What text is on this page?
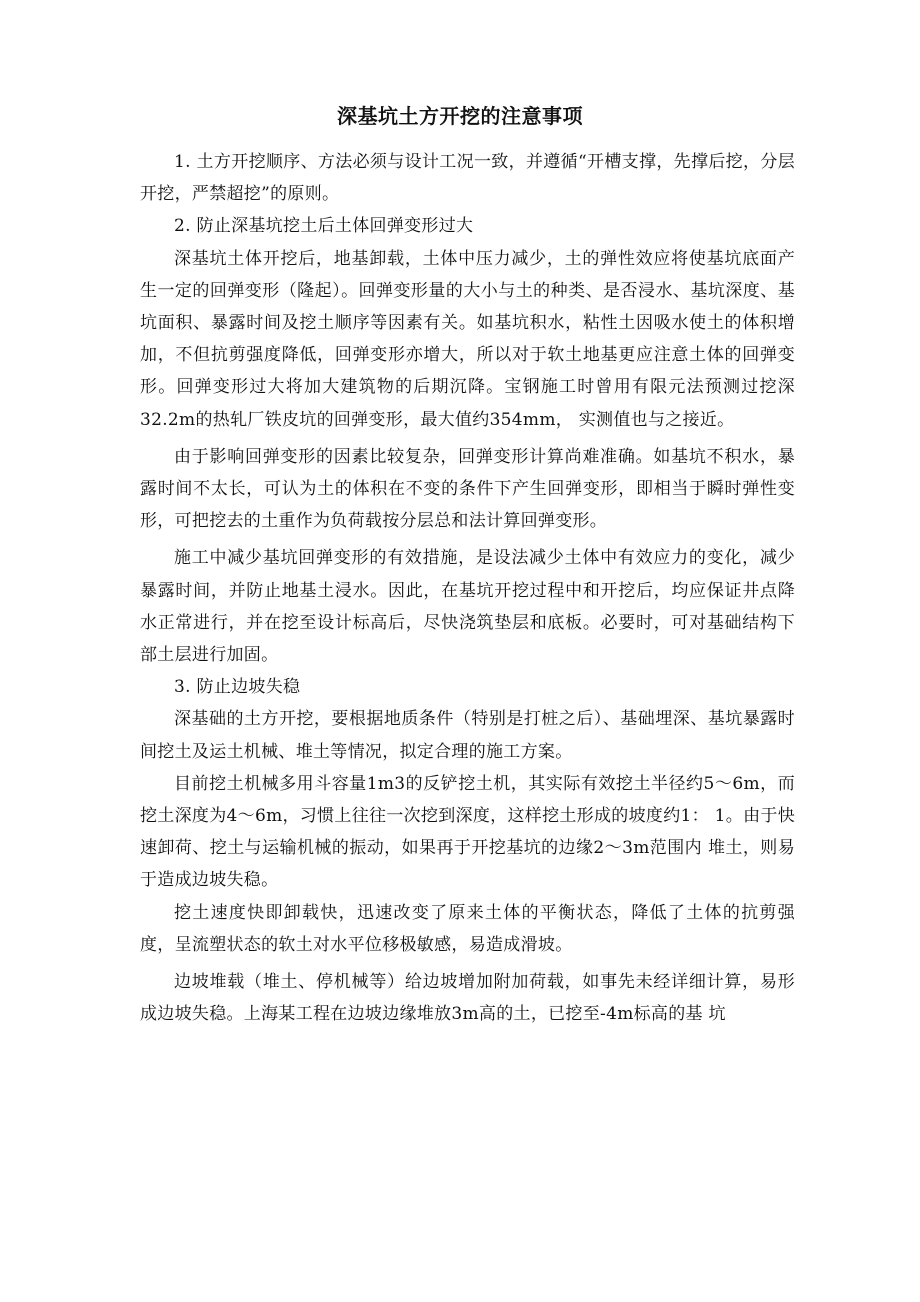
深基坑土方开挖的注意事项

1. 土方开挖顺序、方法必须与设计工况一致，并遵循“开槽支撑，先撑后挖，分层开挖，严禁超挖”的原则。

2. 防止深基坑挖土后土体回弹变形过大

深基坑土体开挖后，地基卸载，土体中压力减少，土的弹性效应将使基坑底面产生一定的回弹变形（隆起）。回弹变形量的大小与土的种类、是否浸水、基坑深度、基坑面积、暴露时间及挖土顺序等因素有关。如基坑积水，粘性土因吸水使土的体积增加，不但抗剪强度降低，回弹变形亦增大，所以对于软土地基更应注意土体的回弹变形。回弹变形过大将加大建筑物的后期沉降。宝钢施工时曾用有限元法预测过挖深32.2m的热轧厂铁皮坑的回弹变形，最大值约354mm， 实测值也与之接近。

由于影响回弹变形的因素比较复杂，回弹变形计算尚难准确。如基坑不积水，暴露时间不太长，可认为土的体积在不变的条件下产生回弹变形，即相当于瞬时弹性变形，可把挖去的土重作为负荷载按分层总和法计算回弹变形。

施工中减少基坑回弹变形的有效措施，是设法减少土体中有效应力的变化，减少暴露时间，并防止地基土浸水。因此，在基坑开挖过程中和开挖后，均应保证井点降水正常进行，并在挖至设计标高后，尽快浇筑垫层和底板。必要时，可对基础结构下部土层进行加固。

3. 防止边坡失稳

深基础的土方开挖，要根据地质条件（特别是打桩之后）、基础埋深、基坑暴露时间挖土及运土机械、堆土等情况，拟定合理的施工方案。

目前挖土机械多用斗容量1m3的反铲挖土机，其实际有效挖土半径约5～6m，而挖土深度为4～6m，习惯上往往一次挖到深度，这样挖土形成的坡度约1： 1。由于快速卸荷、挖土与运输机械的振动，如果再于开挖基坑的边缘2～3m范围内 堆土，则易于造成边坡失稳。

挖土速度快即卸载快，迅速改变了原来土体的平衡状态，降低了土体的抗剪强度，呈流塑状态的软土对水平位移极敏感，易造成滑坡。

边坡堆载（堆土、停机械等）给边坡增加附加荷载，如事先未经详细计算，易形成边坡失稳。上海某工程在边坡边缘堆放3m高的土，已挖至-4m标高的基 坑
